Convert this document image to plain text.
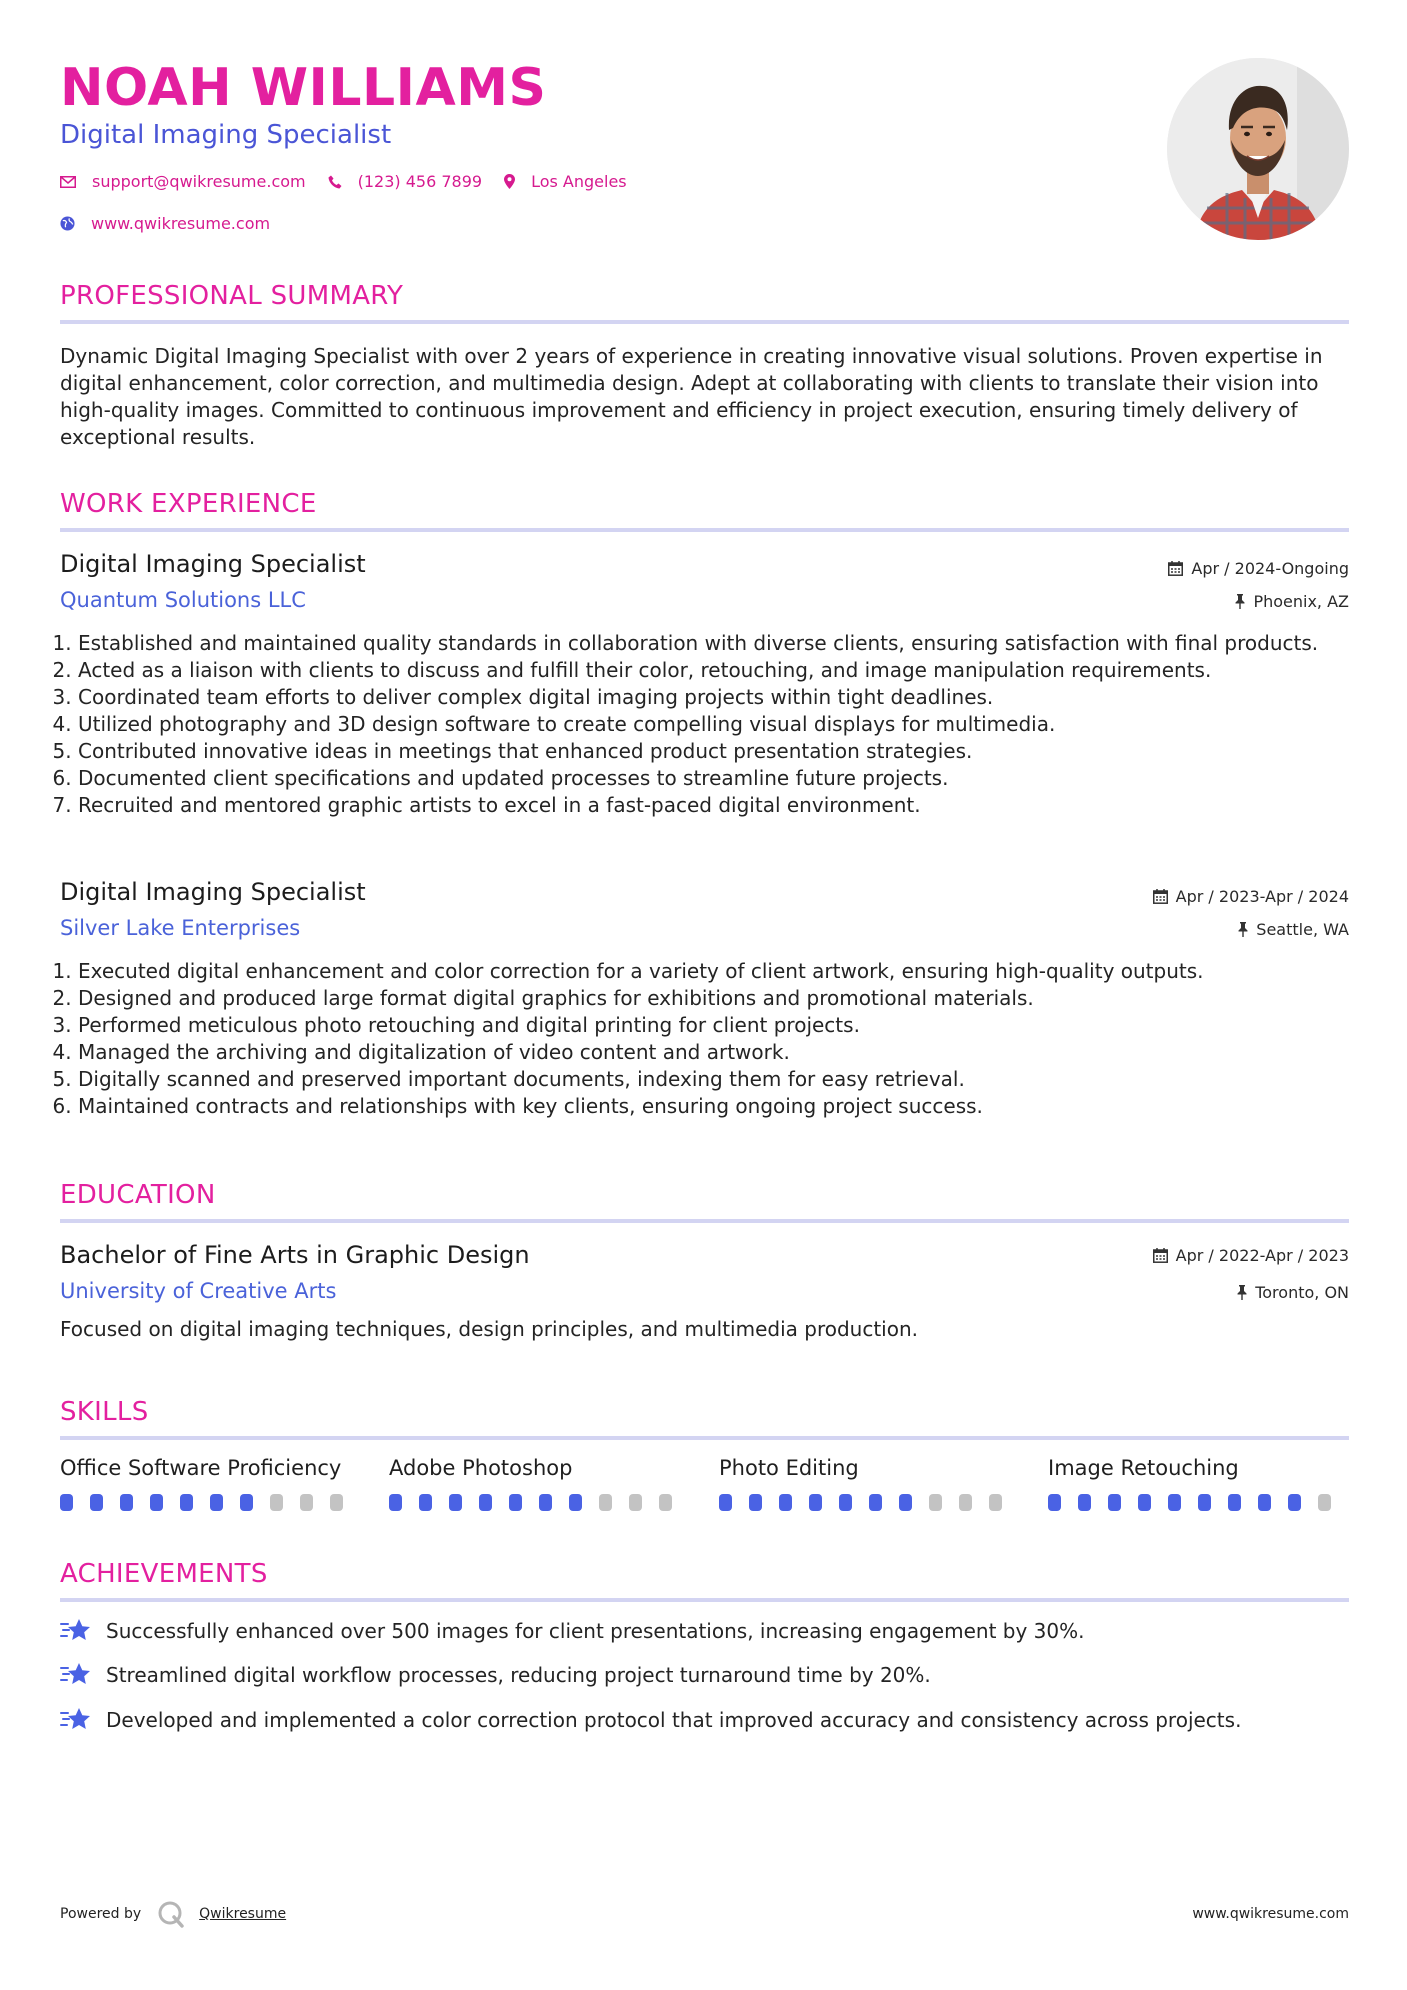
NOAH WILLIAMS
Digital Imaging Specialist
support@qwikresume.com	(123) 456 7899	Los Angeles
www.qwikresume.com
PROFESSIONAL SUMMARY
Dynamic Digital Imaging Specialist with over 2 years of experience in creating innovative visual solutions. Proven expertise in digital enhancement, color correction, and multimedia design. Adept at collaborating with clients to translate their vision into high-quality images. Committed to continuous improvement and efficiency in project execution, ensuring timely delivery of exceptional results.
WORK EXPERIENCE
Digital Imaging Specialist	Apr / 2024-Ongoing
Quantum Solutions LLC	Phoenix, AZ
1. Established and maintained quality standards in collaboration with diverse clients, ensuring satisfaction with final products.
2. Acted as a liaison with clients to discuss and fulfill their color, retouching, and image manipulation requirements.
3. Coordinated team efforts to deliver complex digital imaging projects within tight deadlines.
4. Utilized photography and 3D design software to create compelling visual displays for multimedia.
5. Contributed innovative ideas in meetings that enhanced product presentation strategies.
6. Documented client specifications and updated processes to streamline future projects.
7. Recruited and mentored graphic artists to excel in a fast-paced digital environment.
Digital Imaging Specialist	Apr / 2023-Apr / 2024
Silver Lake Enterprises	Seattle, WA
1. Executed digital enhancement and color correction for a variety of client artwork, ensuring high-quality outputs.
2. Designed and produced large format digital graphics for exhibitions and promotional materials.
3. Performed meticulous photo retouching and digital printing for client projects.
4. Managed the archiving and digitalization of video content and artwork.
5. Digitally scanned and preserved important documents, indexing them for easy retrieval.
6. Maintained contracts and relationships with key clients, ensuring ongoing project success.
EDUCATION
Bachelor of Fine Arts in Graphic Design	Apr / 2022-Apr / 2023
University of Creative Arts	Toronto, ON
Focused on digital imaging techniques, design principles, and multimedia production.
SKILLS
Office Software Proficiency	Adobe Photoshop	Photo Editing	Image Retouching
ACHIEVEMENTS
Successfully enhanced over 500 images for client presentations, increasing engagement by 30%.
Streamlined digital workflow processes, reducing project turnaround time by 20%.
Developed and implemented a color correction protocol that improved accuracy and consistency across projects.
Powered by	Qwikresume	www.qwikresume.com
